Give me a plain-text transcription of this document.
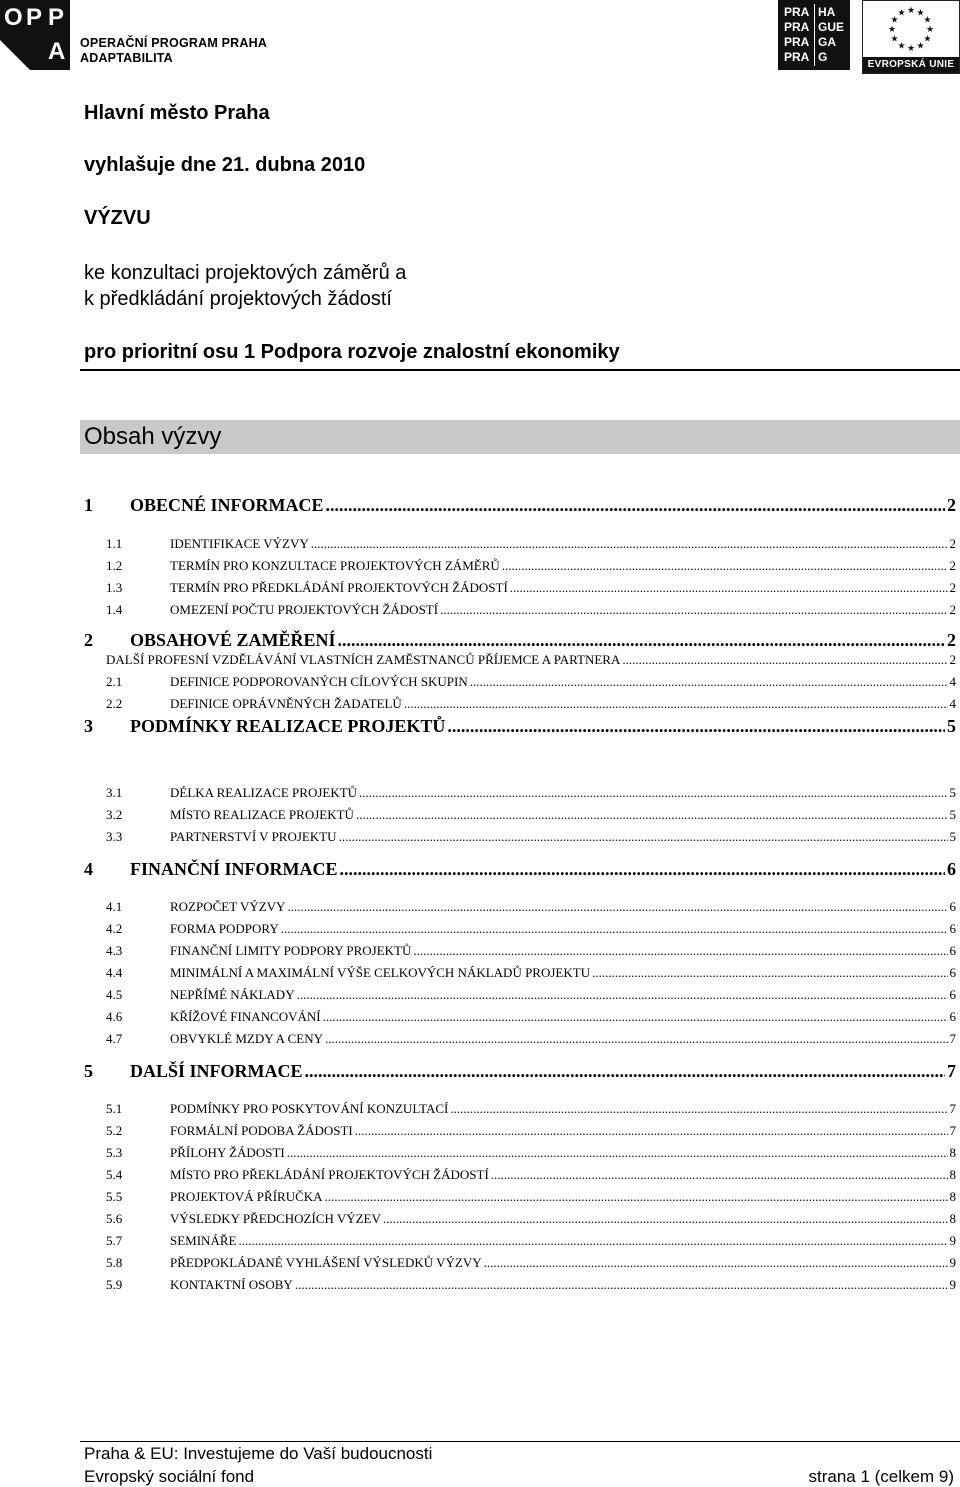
O P P
A OPERAČNÍ PROGRAM PRAHA
ADAPTABILITA
PRA HA
PRA GUE
PRA GA
PRA G
★ ★
★
★
★
★
★
★
★
★
★
★
EVROPSKÁ UNIE
Hlavní město Praha
vyhlašuje dne 21. dubna 2010
VÝZVU
ke konzultaci projektových záměrů a
k předkládání projektových žádostí
pro prioritní osu 1 Podpora rozvoje znalostní ekonomiky
Obsah výzvy
1	OBECNÉ INFORMACE .....	2
1.1	IDENTIFIKACE VÝZVY .....	2
1.2	TERMÍN PRO KONZULTACE PROJEKTOVÝCH ZÁMĚRŮ .....	2
1.3	TERMÍN PRO PŘEDKLÁDÁNÍ PROJEKTOVÝCH ŽÁDOSTÍ .....	2
1.4	OMEZENÍ POČTU PROJEKTOVÝCH ŽÁDOSTÍ .....	2
2	OBSAHOVÉ ZAMĚŘENÍ .....	2
DALŠÍ PROFESNÍ VZDĚLÁVÁNÍ VLASTNÍCH ZAMĚSTNANCŮ PŘÍJEMCE A PARTNERA .....	2
2.1	DEFINICE PODPOROVANÝCH CÍLOVÝCH SKUPIN .....	4
2.2	DEFINICE OPRÁVNĚNÝCH ŽADATELŮ .....	4
3	PODMÍNKY REALIZACE PROJEKTŮ .....	5
3.1	DÉLKA REALIZACE PROJEKTŮ .....	5
3.2	MÍSTO REALIZACE PROJEKTŮ .....	5
3.3	PARTNERSTVÍ V PROJEKTU .....	5
4	FINANČNÍ INFORMACE .....	6
4.1	ROZPOČET VÝZVY .....	6
4.2	FORMA PODPORY .....	6
4.3	FINANČNÍ LIMITY PODPORY PROJEKTŮ .....	6
4.4	MINIMÁLNÍ A MAXIMÁLNÍ VÝŠE CELKOVÝCH NÁKLADŮ PROJEKTU .....	6
4.5	NEPŘÍMÉ NÁKLADY .....	6
4.6	KŘÍŽOVÉ FINANCOVÁNÍ .....	6
4.7	OBVYKLÉ MZDY A CENY .....	7
5	DALŠÍ INFORMACE .....	7
5.1	PODMÍNKY PRO POSKYTOVÁNÍ KONZULTACÍ .....	7
5.2	FORMÁLNÍ PODOBA ŽÁDOSTI .....	7
5.3	PŘÍLOHY ŽÁDOSTI .....	8
5.4	MÍSTO PRO PŘEKLÁDÁNÍ PROJEKTOVÝCH ŽÁDOSTÍ .....	8
5.5	PROJEKTOVÁ PŘÍRUČKA .....	8
5.6	VÝSLEDKY PŘEDCHOZÍCH VÝZEV .....	8
5.7	SEMINÁŘE .....	9
5.8	PŘEDPOKLÁDANÉ VYHLÁŠENÍ VÝSLEDKŮ VÝZVY .....	9
5.9	KONTAKTNÍ OSOBY .....	9
Praha & EU: Investujeme do Vaší budoucnosti
Evropský sociální fond	strana 1 (celkem 9)
